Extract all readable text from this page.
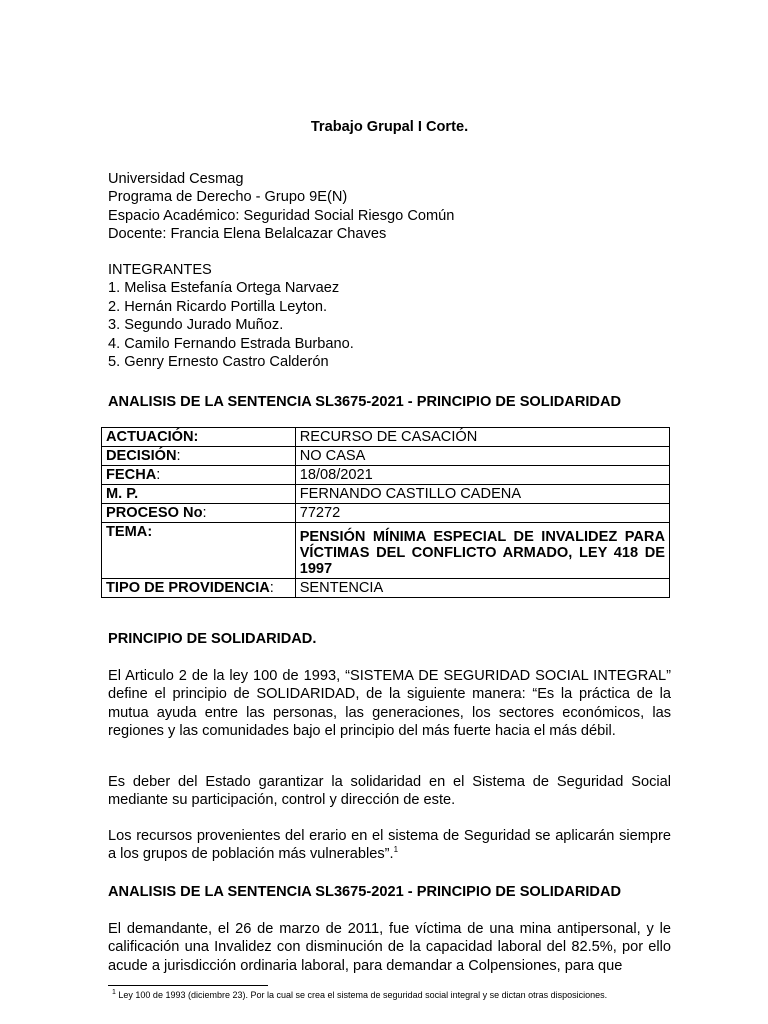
Trabajo Grupal I Corte.
Universidad Cesmag
Programa de Derecho - Grupo 9E(N)
Espacio Académico: Seguridad Social Riesgo Común
Docente: Francia Elena Belalcazar Chaves
INTEGRANTES
1. Melisa Estefanía Ortega Narvaez
2. Hernán Ricardo Portilla Leyton.
3. Segundo Jurado Muñoz.
4. Camilo Fernando Estrada Burbano.
5. Genry Ernesto Castro Calderón
ANALISIS DE LA SENTENCIA SL3675-2021 - PRINCIPIO DE SOLIDARIDAD
ACTUACIÓN:	RECURSO DE CASACIÓN
DECISIÓN:	NO CASA
FECHA:	18/08/2021
M. P.	FERNANDO CASTILLO CADENA
PROCESO No:	77272
TEMA:	PENSIÓN MÍNIMA ESPECIAL DE INVALIDEZ PARA VÍCTIMAS DEL CONFLICTO ARMADO, LEY 418 DE 1997
TIPO DE PROVIDENCIA:	SENTENCIA
PRINCIPIO DE SOLIDARIDAD.
El Articulo 2 de la ley 100 de 1993, “SISTEMA DE SEGURIDAD SOCIAL INTEGRAL” define el principio de SOLIDARIDAD, de la siguiente manera: “Es la práctica de la mutua ayuda entre las personas, las generaciones, los sectores económicos, las regiones y las comunidades bajo el principio del más fuerte hacia el más débil.
Es deber del Estado garantizar la solidaridad en el Sistema de Seguridad Social mediante su participación, control y dirección de este.
Los recursos provenientes del erario en el sistema de Seguridad se aplicarán siempre a los grupos de población más vulnerables”.$^1$
ANALISIS DE LA SENTENCIA SL3675-2021 - PRINCIPIO DE SOLIDARIDAD
El demandante, el 26 de marzo de 2011, fue víctima de una mina antipersonal, y le calificación una Invalidez con disminución de la capacidad laboral del 82.5%, por ello acude a jurisdicción ordinaria laboral, para demandar a Colpensiones, para que
$^1$ Ley 100 de 1993 (diciembre 23). Por la cual se crea el sistema de seguridad social integral y se dictan otras disposiciones.
